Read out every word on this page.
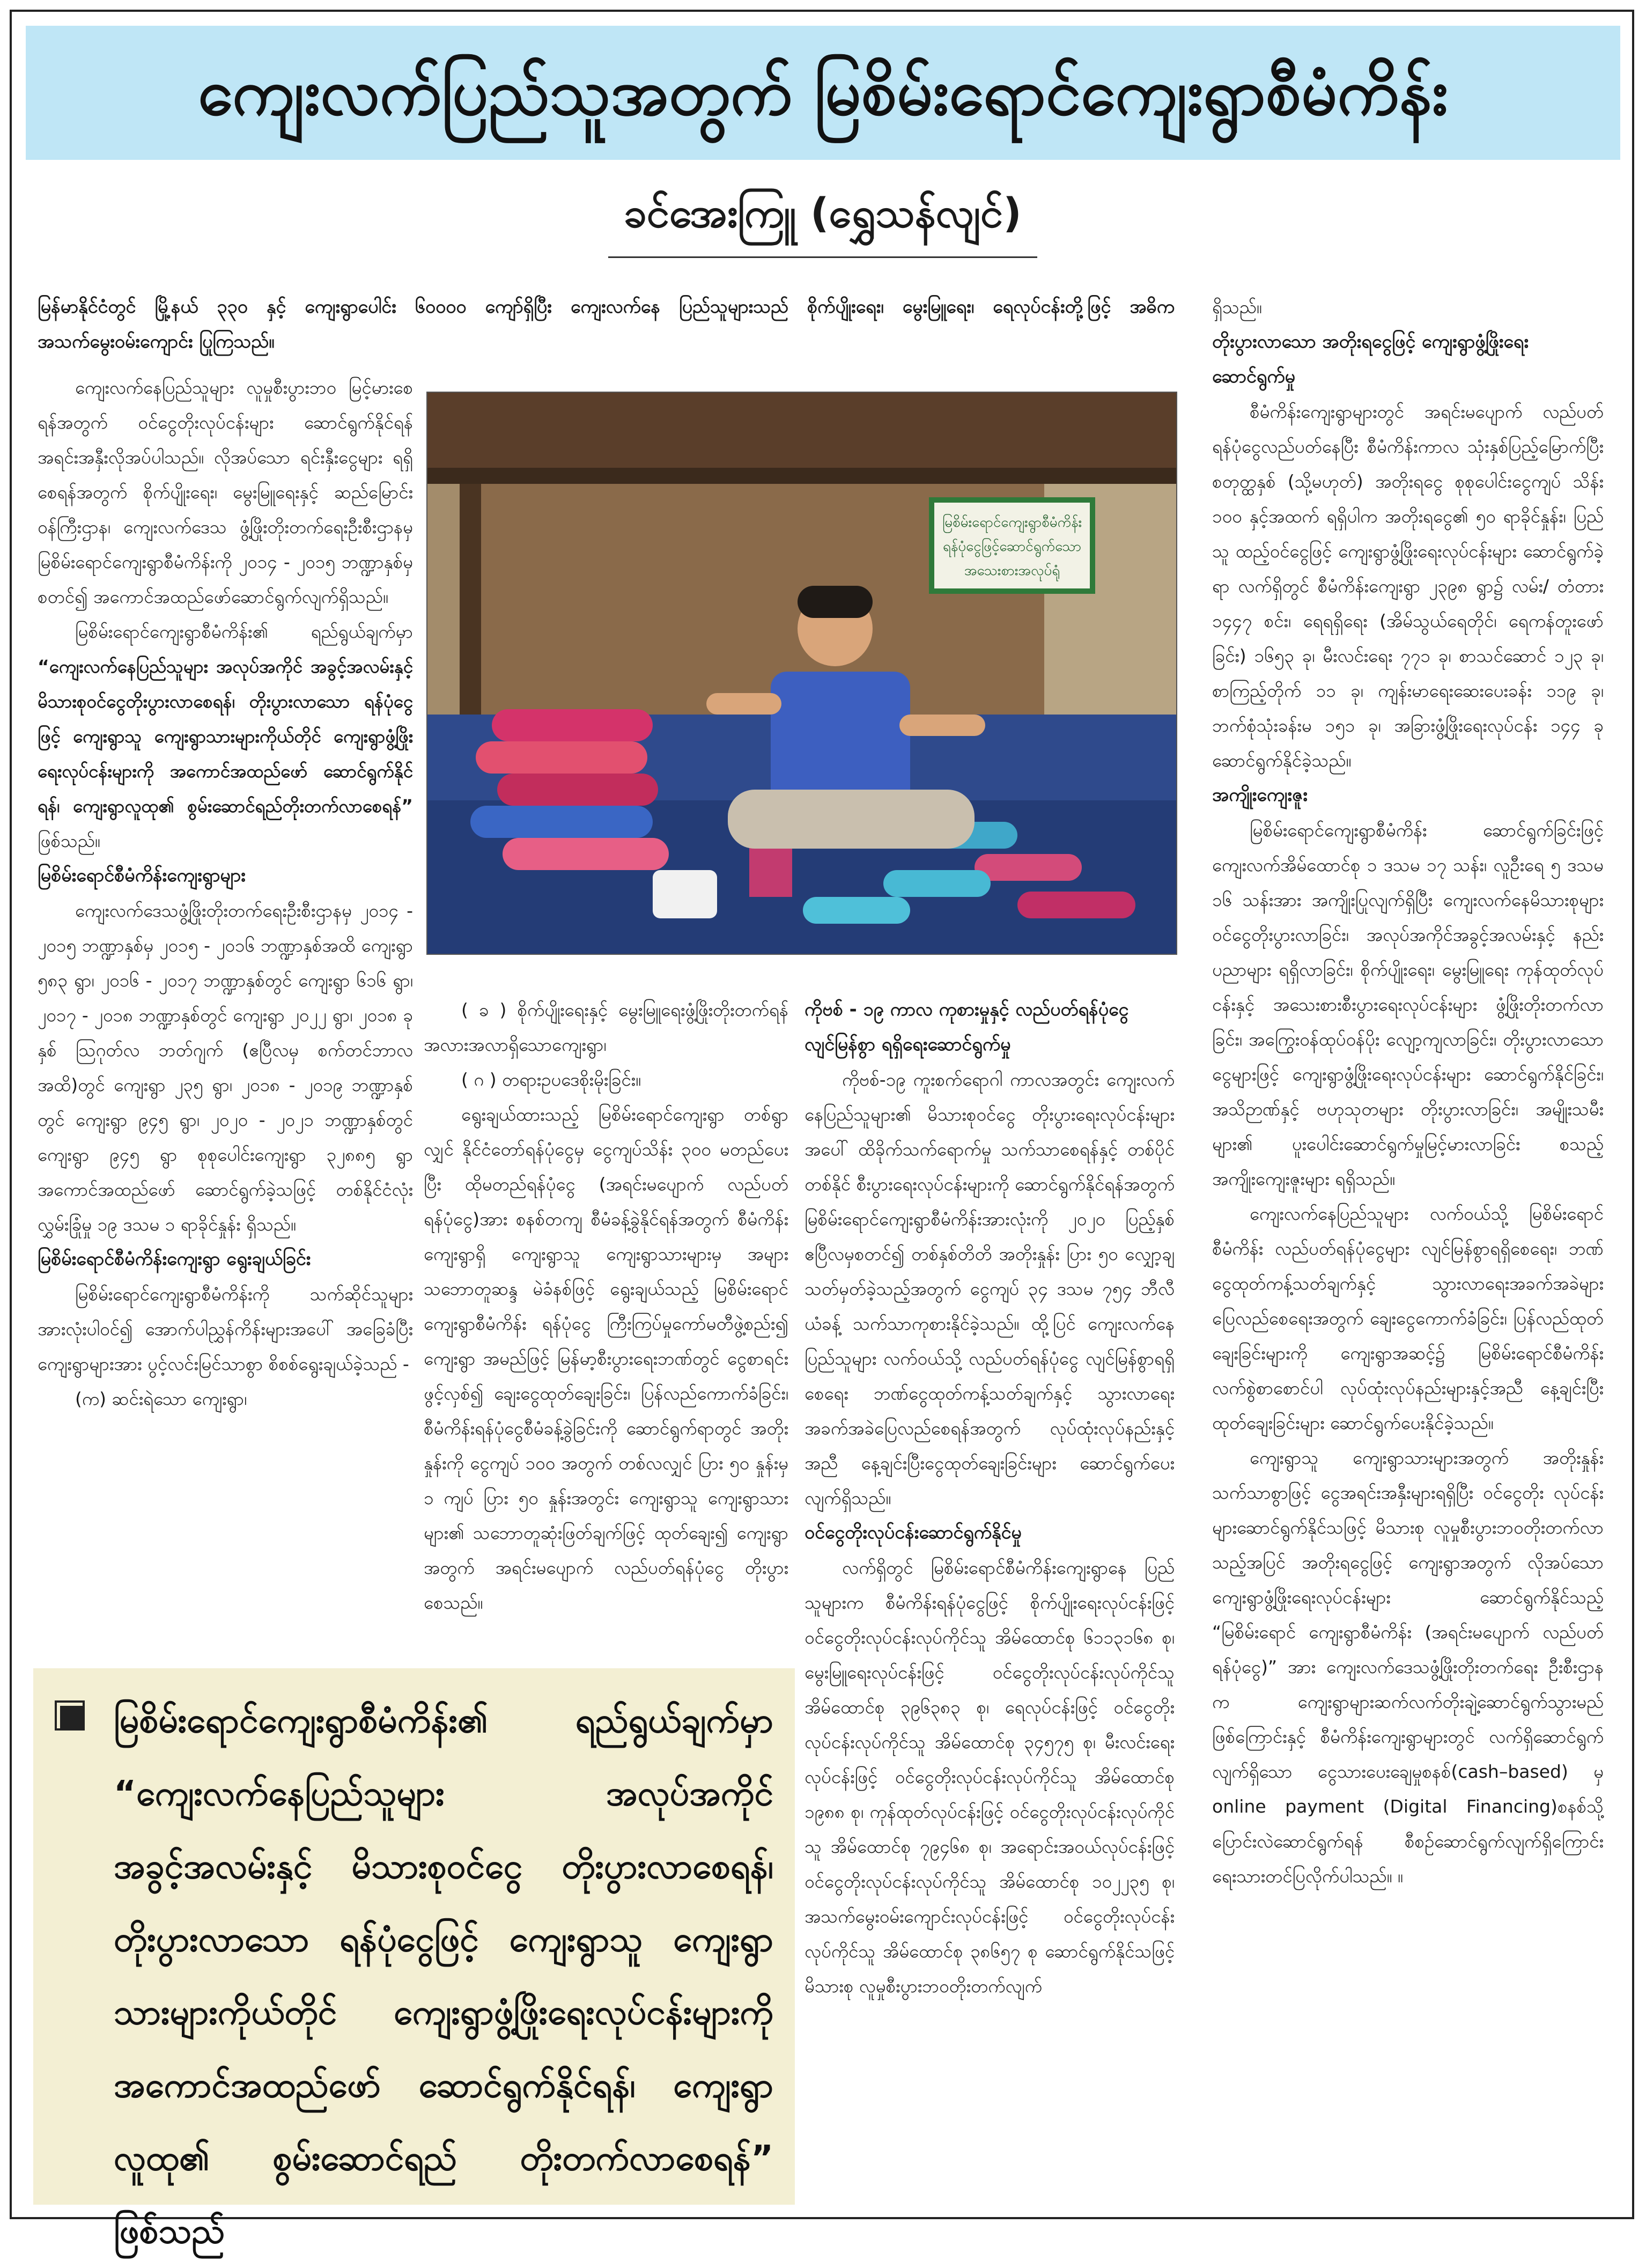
ကျေးလက်ပြည်သူအတွက် မြစိမ်းရောင်ကျေးရွာစီမံကိန်း
ခင်အေးကြူ (ရွှေသန်လျင်)
မြန်မာနိုင်ငံတွင် မြို့နယ် ၃၃၀ နှင့် ကျေးရွာပေါင်း ၆၀၀၀၀ ကျော်ရှိပြီး ကျေးလက်နေ ပြည်သူများသည် စိုက်ပျိုးရေး၊ မွေးမြူရေး၊ ရေလုပ်ငန်းတို့ဖြင့် အဓိက အသက်မွေးဝမ်းကျောင်း ပြုကြသည်။

ကျေးလက်နေပြည်သူများ လူမှုစီးပွားဘဝ မြင့်မားစေရန်အတွက် ဝင်ငွေတိုးလုပ်ငန်းများ ဆောင်ရွက်နိုင်ရန် အရင်းအနှီးလိုအပ်ပါသည်။ လိုအပ်သော ရင်းနှီးငွေများ ရရှိစေရန်အတွက် စိုက်ပျိုးရေး၊ မွေးမြူရေးနှင့် ဆည်မြောင်းဝန်ကြီးဌာန၊ ကျေးလက်ဒေသ ဖွံ့ဖြိုးတိုးတက်ရေးဦးစီးဌာနမှ မြစိမ်းရောင်ကျေးရွာစီမံကိန်းကို ၂၀၁၄ - ၂၀၁၅ ဘဏ္ဍာနှစ်မှစတင်၍ အကောင်အထည်ဖော်ဆောင်ရွက်လျက်ရှိသည်။

မြစိမ်းရောင်ကျေးရွာစီမံကိန်း၏ ရည်ရွယ်ချက်မှာ “ကျေးလက်နေပြည်သူများ အလုပ်အကိုင် အခွင့်အလမ်းနှင့် မိသားစုဝင်ငွေတိုးပွားလာစေရန်၊ တိုးပွားလာသော ရန်ပုံငွေဖြင့် ကျေးရွာသူ ကျေးရွာသားများကိုယ်တိုင် ကျေးရွာဖွံ့ဖြိုးရေးလုပ်ငန်းများကို အကောင်အထည်ဖော် ဆောင်ရွက်နိုင်ရန်၊ ကျေးရွာလူထု၏ စွမ်းဆောင်ရည်တိုးတက်လာစေရန်” ဖြစ်သည်။

မြစိမ်းရောင်စီမံကိန်းကျေးရွာများ

ကျေးလက်ဒေသဖွံ့ဖြိုးတိုးတက်ရေးဦးစီးဌာနမှ ၂၀၁၄ - ၂၀၁၅ ဘဏ္ဍာနှစ်မှ ၂၀၁၅ - ၂၀၁၆ ဘဏ္ဍာနှစ်အထိ ကျေးရွာ ၅၈၃ ရွာ၊ ၂၀၁၆ - ၂၀၁၇ ဘဏ္ဍာနှစ်တွင် ကျေးရွာ ၆၁၆ ရွာ၊ ၂၀၁၇ - ၂၀၁၈ ဘဏ္ဍာနှစ်တွင် ကျေးရွာ ၂၀၂၂ ရွာ၊ ၂၀၁၈ ခုနှစ် ဩဂုတ်လ ဘတ်ဂျက် (ဧပြီလမှ စက်တင်ဘာလအထိ)တွင် ကျေးရွာ ၂၃၅ ရွာ၊ ၂၀၁၈ - ၂၀၁၉ ဘဏ္ဍာနှစ်တွင် ကျေးရွာ ၉၄၅ ရွာ၊ ၂၀၂၀ - ၂၀၂၁ ဘဏ္ဍာနှစ်တွင် ကျေးရွာ ၉၄၅ ရွာ စုစုပေါင်းကျေးရွာ ၃၂၈၈၅ ရွာ အကောင်အထည်ဖော် ဆောင်ရွက်ခဲ့သဖြင့် တစ်နိုင်ငံလုံးလွှမ်းခြုံမှု ၁၉ ဒသမ ၁ ရာခိုင်နှုန်း ရှိသည်။

မြစိမ်းရောင်စီမံကိန်းကျေးရွာ ရွေးချယ်ခြင်း

မြစိမ်းရောင်ကျေးရွာစီမံကိန်းကို သက်ဆိုင်သူများအားလုံးပါဝင်၍ အောက်ပါညွှန်ကိန်းများအပေါ် အခြေခံပြီး ကျေးရွာများအား ပွင့်လင်းမြင်သာစွာ စိစစ်ရွေးချယ်ခဲ့သည် -

(က) ဆင်းရဲသော ကျေးရွာ၊

မြစိမ်းရောင်ကျေးရွာစီမံကိန်း
ရန်ပုံငွေဖြင့်ဆောင်ရွက်သော
အသေးစားအလုပ်ရုံ

( ခ ) စိုက်ပျိုးရေးနှင့် မွေးမြူရေးဖွံ့ဖြိုးတိုးတက်ရန် အလားအလာရှိသောကျေးရွာ၊

( ဂ ) တရားဥပဒေစိုးမိုးခြင်း။

ရွေးချယ်ထားသည့် မြစိမ်းရောင်ကျေးရွာ တစ်ရွာလျှင် နိုင်ငံတော်ရန်ပုံငွေမှ ငွေကျပ်သိန်း ၃၀၀ မတည်ပေးပြီး ထိုမတည်ရန်ပုံငွေ (အရင်းမပျောက် လည်ပတ်ရန်ပုံငွေ)အား စနစ်တကျ စီမံခန့်ခွဲနိုင်ရန်အတွက် စီမံကိန်းကျေးရွာရှိ ကျေးရွာသူ ကျေးရွာသားများမှ အများသဘောတူဆန္ဒ မဲခံနစ်ဖြင့် ရွေးချယ်သည့် မြစိမ်းရောင်ကျေးရွာစီမံကိန်း ရန်ပုံငွေ ကြီးကြပ်မှုကော်မတီဖွဲ့စည်း၍ ကျေးရွာ အမည်ဖြင့် မြန်မာ့စီးပွားရေးဘဏ်တွင် ငွေစာရင်းဖွင့်လှစ်၍ ချေးငွေထုတ်ချေးခြင်း၊ ပြန်လည်ကောက်ခံခြင်း၊ စီမံကိန်းရန်ပုံငွေစီမံခန့်ခွဲခြင်းကို ဆောင်ရွက်ရာတွင် အတိုးနှုန်းကို ငွေကျပ် ၁၀၀ အတွက် တစ်လလျှင် ပြား ၅၀ နှုန်းမှ ၁ ကျပ် ပြား ၅၀ နှုန်းအတွင်း ကျေးရွာသူ ကျေးရွာသားများ၏ သဘောတူဆုံးဖြတ်ချက်ဖြင့် ထုတ်ချေး၍ ကျေးရွာအတွက် အရင်းမပျောက် လည်ပတ်ရန်ပုံငွေ တိုးပွားစေသည်။

ကိုဗစ် - ၁၉ ကာလ ကုစားမှုနှင့် လည်ပတ်ရန်ပုံငွေ လျင်မြန်စွာ ရရှိရေးဆောင်ရွက်မှု

ကိုဗစ်-၁၉ ကူးစက်ရောဂါ ကာလအတွင်း ကျေးလက်နေပြည်သူများ၏ မိသားစုဝင်ငွေ တိုးပွားရေးလုပ်ငန်းများအပေါ် ထိခိုက်သက်ရောက်မှု သက်သာစေရန်နှင့် တစ်ပိုင်တစ်နိုင် စီးပွားရေးလုပ်ငန်းများကို ဆောင်ရွက်နိုင်ရန်အတွက် မြစိမ်းရောင်ကျေးရွာစီမံကိန်းအားလုံးကို ၂၀၂၀ ပြည့်နှစ် ဧပြီလမှစတင်၍ တစ်နှစ်တိတိ အတိုးနှုန်း ပြား ၅၀ လျှော့ချသတ်မှတ်ခဲ့သည့်အတွက် ငွေကျပ် ၃၄ ဒသမ ၇၅၄ ဘီလီယံခန့် သက်သာကုစားနိုင်ခဲ့သည်။ ထို့ပြင် ကျေးလက်နေပြည်သူများ လက်ဝယ်သို့ လည်ပတ်ရန်ပုံငွေ လျင်မြန်စွာရရှိစေရေး ဘဏ်ငွေထုတ်ကန့်သတ်ချက်နှင့် သွားလာရေး အခက်အခဲပြေလည်စေရန်အတွက် လုပ်ထုံးလုပ်နည်းနှင့်အညီ နေ့ချင်းပြီးငွေထုတ်ချေးခြင်းများ ဆောင်ရွက်ပေးလျက်ရှိသည်။

ဝင်ငွေတိုးလုပ်ငန်းဆောင်ရွက်နိုင်မှု

လက်ရှိတွင် မြစိမ်းရောင်စီမံကိန်းကျေးရွာနေ ပြည်သူများက စီမံကိန်းရန်ပုံငွေဖြင့် စိုက်ပျိုးရေးလုပ်ငန်းဖြင့် ဝင်ငွေတိုးလုပ်ငန်းလုပ်ကိုင်သူ အိမ်ထောင်စု ၆၁၁၃၁၆၈ စု၊ မွေးမြူရေးလုပ်ငန်းဖြင့် ဝင်ငွေတိုးလုပ်ငန်းလုပ်ကိုင်သူ အိမ်ထောင်စု ၃၉၆၃၈၃ စု၊ ရေလုပ်ငန်းဖြင့် ဝင်ငွေတိုးလုပ်ငန်းလုပ်ကိုင်သူ အိမ်ထောင်စု ၃၄၅၇၅ စု၊ မီးလင်းရေးလုပ်ငန်းဖြင့် ဝင်ငွေတိုးလုပ်ငန်းလုပ်ကိုင်သူ အိမ်ထောင်စု ၁၉၈၈ စု၊ ကုန်ထုတ်လုပ်ငန်းဖြင့် ဝင်ငွေတိုးလုပ်ငန်းလုပ်ကိုင်သူ အိမ်ထောင်စု ၇၉၄၆၈ စု၊ အရောင်းအဝယ်လုပ်ငန်းဖြင့် ဝင်ငွေတိုးလုပ်ငန်းလုပ်ကိုင်သူ အိမ်ထောင်စု ၁၀၂၂၃၅ စု၊ အသက်မွေးဝမ်းကျောင်းလုပ်ငန်းဖြင့် ဝင်ငွေတိုးလုပ်ငန်းလုပ်ကိုင်သူ အိမ်ထောင်စု ၃၈၆၅၇ စု ဆောင်ရွက်နိုင်သဖြင့် မိသားစု လူမှုစီးပွားဘဝတိုးတက်လျက်

ရှိသည်။

တိုးပွားလာသော အတိုးရငွေဖြင့် ကျေးရွာဖွံ့ဖြိုးရေး ဆောင်ရွက်မှု

စီမံကိန်းကျေးရွာများတွင် အရင်းမပျောက် လည်ပတ်ရန်ပုံငွေလည်ပတ်နေပြီး စီမံကိန်းကာလ သုံးနှစ်ပြည့်မြောက်ပြီး စတုတ္ထနှစ် (သို့မဟုတ်) အတိုးရငွေ စုစုပေါင်းငွေကျပ် သိန်း ၁၀၀ နှင့်အထက် ရရှိပါက အတိုးရငွေ၏ ၅၀ ရာခိုင်နှုန်း၊ ပြည်သူ ထည့်ဝင်ငွေဖြင့် ကျေးရွာဖွံ့ဖြိုးရေးလုပ်ငန်းများ ဆောင်ရွက်ခဲ့ရာ လက်ရှိတွင် စီမံကိန်းကျေးရွာ ၂၃၉၈ ရွာ၌ လမ်း/ တံတား ၁၄၄၇ စင်း၊ ရေရရှိရေး (အိမ်သွယ်ရေတိုင်၊ ရေကန်တူးဖော်ခြင်း) ၁၆၅၃ ခု၊ မီးလင်းရေး ၇၇၁ ခု၊ စာသင်ဆောင် ၁၂၃ ခု၊ စာကြည့်တိုက် ၁၁ ခု၊ ကျန်းမာရေးဆေးပေးခန်း ၁၁၉ ခု၊ ဘက်စုံသုံးခန်းမ ၁၅၁ ခု၊ အခြားဖွံ့ဖြိုးရေးလုပ်ငန်း ၁၄၄ ခု ဆောင်ရွက်နိုင်ခဲ့သည်။

အကျိုးကျေးဇူး

မြစိမ်းရောင်ကျေးရွာစီမံကိန်း ဆောင်ရွက်ခြင်းဖြင့် ကျေးလက်အိမ်ထောင်စု ၁ ဒသမ ၁၇ သန်း၊ လူဦးရေ ၅ ဒသမ ၁၆ သန်းအား အကျိုးပြုလျက်ရှိပြီး ကျေးလက်နေမိသားစုများ ဝင်ငွေတိုးပွားလာခြင်း၊ အလုပ်အကိုင်အခွင့်အလမ်းနှင့် နည်းပညာများ ရရှိလာခြင်း၊ စိုက်ပျိုးရေး၊ မွေးမြူရေး ကုန်ထုတ်လုပ်ငန်းနှင့် အသေးစားစီးပွားရေးလုပ်ငန်းများ ဖွံ့ဖြိုးတိုးတက်လာခြင်း၊ အကြွေးဝန်ထုပ်ဝန်ပိုး လျော့ကျလာခြင်း၊ တိုးပွားလာသော ငွေများဖြင့် ကျေးရွာဖွံ့ဖြိုးရေးလုပ်ငန်းများ ဆောင်ရွက်နိုင်ခြင်း၊ အသိဉာဏ်နှင့် ဗဟုသုတများ တိုးပွားလာခြင်း၊ အမျိုးသမီးများ၏ ပူးပေါင်းဆောင်ရွက်မှုမြင့်မားလာခြင်း စသည့်အကျိုးကျေးဇူးများ ရရှိသည်။

ကျေးလက်နေပြည်သူများ လက်ဝယ်သို့ မြစိမ်းရောင်စီမံကိန်း လည်ပတ်ရန်ပုံငွေများ လျင်မြန်စွာရရှိစေရေး၊ ဘဏ်ငွေထုတ်ကန့်သတ်ချက်နှင့် သွားလာရေးအခက်အခဲများ ပြေလည်စေရေးအတွက် ချေးငွေကောက်ခံခြင်း၊ ပြန်လည်ထုတ်ချေးခြင်းများကို ကျေးရွာအဆင့်၌ မြစိမ်းရောင်စီမံကိန်း လက်စွဲစာစောင်ပါ လုပ်ထုံးလုပ်နည်းများနှင့်အညီ နေ့ချင်းပြီး ထုတ်ချေးခြင်းများ ဆောင်ရွက်ပေးနိုင်ခဲ့သည်။

ကျေးရွာသူ ကျေးရွာသားများအတွက် အတိုးနှုန်း သက်သာစွာဖြင့် ငွေအရင်းအနှီးများရရှိပြီး ဝင်ငွေတိုး လုပ်ငန်းများဆောင်ရွက်နိုင်သဖြင့် မိသားစု လူမှုစီးပွားဘဝတိုးတက်လာသည့်အပြင် အတိုးရငွေဖြင့် ကျေးရွာအတွက် လိုအပ်သော ကျေးရွာဖွံ့ဖြိုးရေးလုပ်ငန်းများ ဆောင်ရွက်နိုင်သည့် “မြစိမ်းရောင် ကျေးရွာစီမံကိန်း (အရင်းမပျောက် လည်ပတ်ရန်ပုံငွေ)” အား ကျေးလက်ဒေသဖွံ့ဖြိုးတိုးတက်ရေး ဦးစီးဌာနက ကျေးရွာများဆက်လက်တိုးချဲ့ဆောင်ရွက်သွားမည်ဖြစ်ကြောင်းနှင့် စီမံကိန်းကျေးရွာများတွင် လက်ရှိဆောင်ရွက်လျက်ရှိသော ငွေသားပေးချေမှုစနစ်(cash–based) မှ online payment (Digital Financing)စနစ်သို့ ပြောင်းလဲဆောင်ရွက်ရန် စီစဉ်ဆောင်ရွက်လျက်ရှိကြောင်း ရေးသားတင်ပြလိုက်ပါသည်။ ။

မြစိမ်းရောင်ကျေးရွာစီမံကိန်း၏ ရည်ရွယ်ချက်မှာ “ကျေးလက်နေပြည်သူများ အလုပ်အကိုင် အခွင့်အလမ်းနှင့် မိသားစုဝင်ငွေ တိုးပွားလာစေရန်၊ တိုးပွားလာသော ရန်ပုံငွေဖြင့် ကျေးရွာသူ ကျေးရွာသားများကိုယ်တိုင် ကျေးရွာဖွံ့ဖြိုးရေးလုပ်ငန်းများကို အကောင်အထည်ဖော် ဆောင်ရွက်နိုင်ရန်၊ ကျေးရွာလူထု၏ စွမ်းဆောင်ရည် တိုးတက်လာစေရန်” ဖြစ်သည်
